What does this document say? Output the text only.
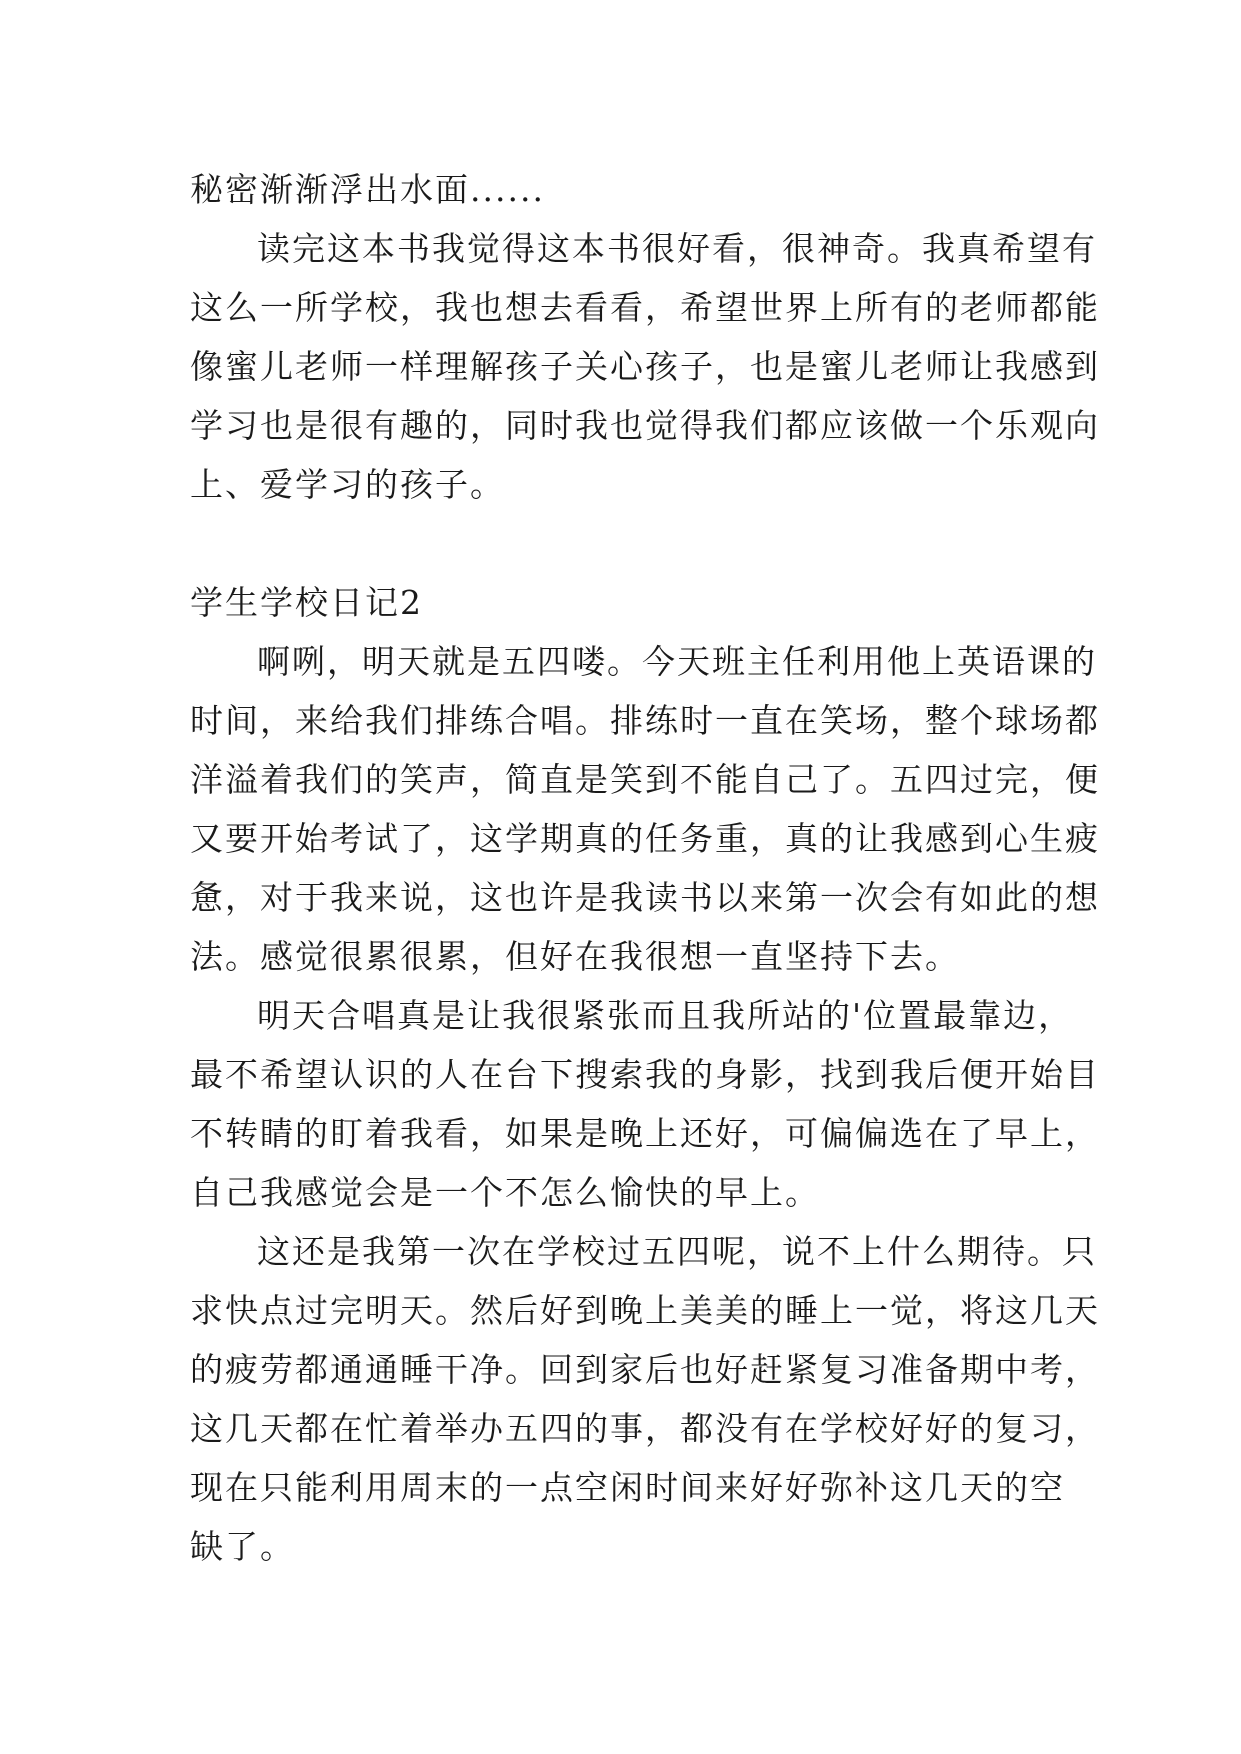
秘密渐渐浮出水面......

读完这本书我觉得这本书很好看，很神奇。我真希望有

这么一所学校，我也想去看看，希望世界上所有的老师都能

像蜜儿老师一样理解孩子关心孩子，也是蜜儿老师让我感到

学习也是很有趣的，同时我也觉得我们都应该做一个乐观向

上、爱学习的孩子。

学生学校日记2

啊咧，明天就是五四喽。今天班主任利用他上英语课的

时间，来给我们排练合唱。排练时一直在笑场，整个球场都

洋溢着我们的笑声，简直是笑到不能自己了。五四过完，便

又要开始考试了，这学期真的任务重，真的让我感到心生疲

惫，对于我来说，这也许是我读书以来第一次会有如此的想

法。感觉很累很累，但好在我很想一直坚持下去。

明天合唱真是让我很紧张而且我所站的'位置最靠边，

最不希望认识的人在台下搜索我的身影，找到我后便开始目

不转睛的盯着我看，如果是晚上还好，可偏偏选在了早上，

自己我感觉会是一个不怎么愉快的早上。

这还是我第一次在学校过五四呢，说不上什么期待。只

求快点过完明天。然后好到晚上美美的睡上一觉，将这几天

的疲劳都通通睡干净。回到家后也好赶紧复习准备期中考，

这几天都在忙着举办五四的事，都没有在学校好好的复习，

现在只能利用周末的一点空闲时间来好好弥补这几天的空

缺了。
